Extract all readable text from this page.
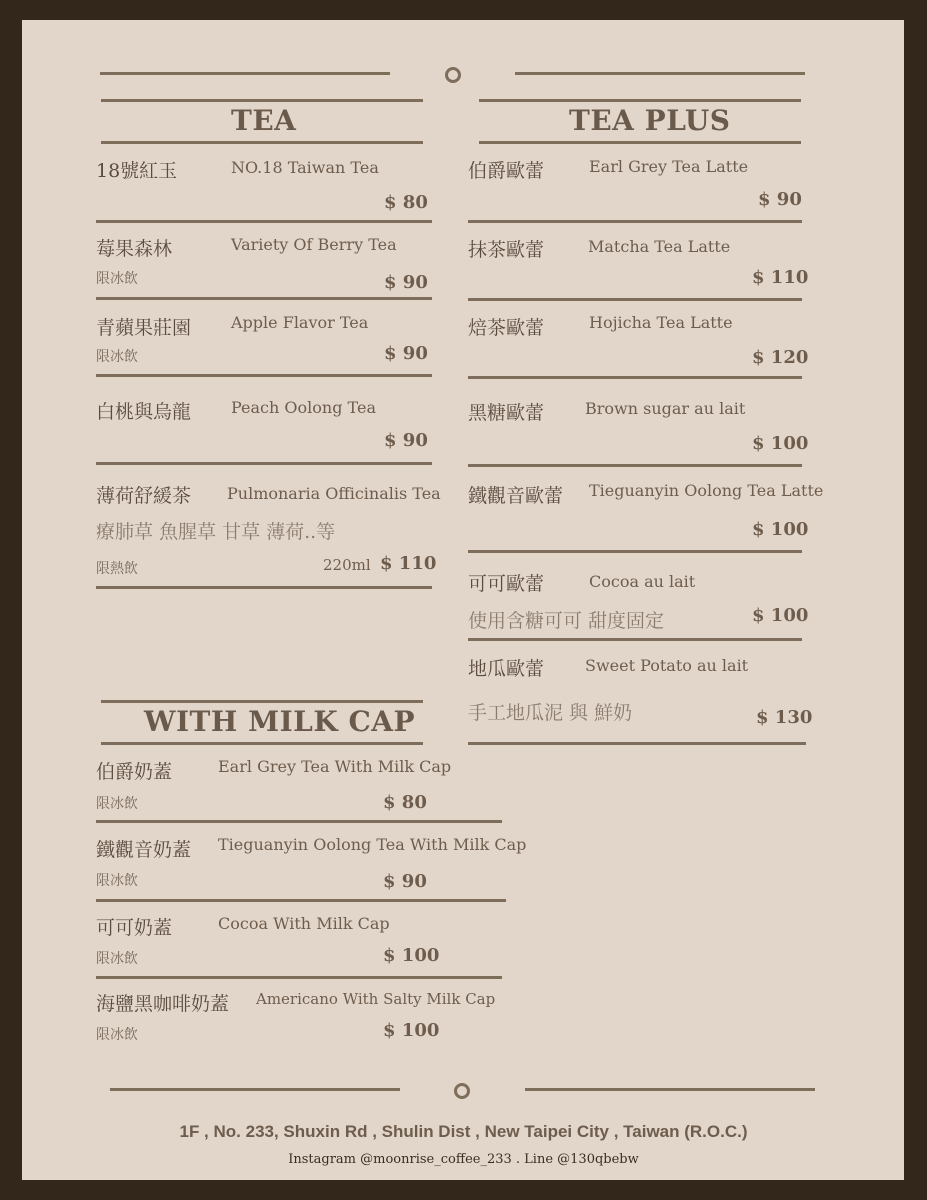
TEA
18號紅玉	NO.18 Taiwan Tea
$ 80
莓果森林	Variety Of Berry Tea
限冰飲	$ 90
青蘋果莊園 Apple Flavor Tea
限冰飲	$ 90
白桃與烏龍 Peach Oolong Tea
$ 90
薄荷舒緩茶 Pulmonaria Officinalis Tea
療肺草 魚腥草 甘草 薄荷..等
限熱飲	220ml $ 110
TEA PLUS
伯爵歐蕾	Earl Grey Tea Latte
$ 90
抹茶歐蕾	Matcha Tea Latte
$ 110
焙茶歐蕾	Hojicha Tea Latte
$ 120
黑糖歐蕾	Brown sugar au lait
$ 100
鐵觀音歐蕾 Tieguanyin Oolong Tea Latte
$ 100
可可歐蕾	Cocoa au lait
使用含糖可可 甜度固定	$ 100
地瓜歐蕾	Sweet Potato au lait
手工地瓜泥 與 鮮奶	$ 130
WITH MILK CAP
伯爵奶蓋	Earl Grey Tea With Milk Cap
限冰飲	$ 80
鐵觀音奶蓋 Tieguanyin Oolong Tea With Milk Cap
限冰飲	$ 90
可可奶蓋	Cocoa With Milk Cap
限冰飲	$ 100
海鹽黑咖啡奶蓋 Americano With Salty Milk Cap
限冰飲	$ 100
1F , No. 233, Shuxin Rd , Shulin Dist , New Taipei City , Taiwan (R.O.C.)
Instagram @moonrise_coffee_233 . Line @130qbebw
